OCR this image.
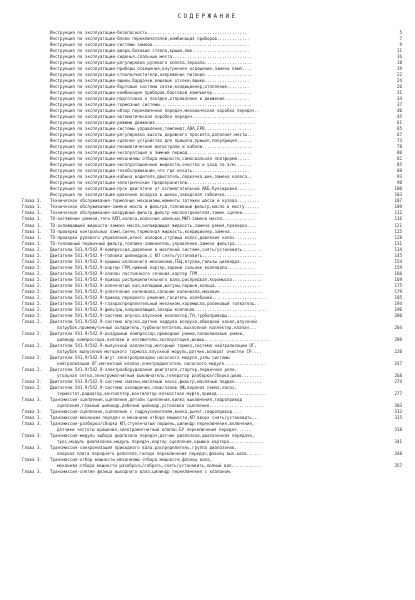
СОДЕРЖАНИЕ
Инструкция по эксплуатации-безопасность........................................	5
Инструкция по эксплуатации-блоки переключателей,комбинация приборов.............	7
Инструкция по эксплуатации-системы замков.......................................	9
Инструкция по эксплуатации-двери,боковые стекла,крыша,люк.......................	11
Инструкция по эксплуатации-сиденья,спальные места................................	16
Инструкция по эксплуатации-регулировка рулевого колеса,зеркала...................	18
Инструкция по эксплуатации-приборы освещения,внутреннее освещение,замена ламп....	19
Инструкция по эксплуатации-стеклоочистители,напряжение питания...................	22
Инструкция по эксплуатации-ящики,бардачки,вещевые отсеки,ящики..................	24
Инструкция по эксплуатации-бортовые системы связи,кондиционер,отопление.........	26
Инструкция по эксплуатации-комбинация приборов,бортовой компьютер................	31
Инструкция по эксплуатации-подготовка к поездке,отправление и движение..........	34
Инструкция по эксплуатации-тормозные системы.....................................	37
Инструкция по эксплуатации-обзор переключения передач,механическая коробка передач..	40
Инструкция по эксплуатации-автоматическая коробка передач.........................	45
Инструкция по эксплуатации-режимы движения........................................	61
Инструкция по эксплуатации-системы управления,темпомат,ABA,EPB...................	65
Инструкция по эксплуатации-регулировка высоты дорожного просвета,дополнит.мосты...	67
Инструкция по эксплуатации-сцепное устройство для прицепа,прицеп,полуприцеп......	73
Инструкция по эксплуатации-пневматические магистрали и кабели....................	78
Инструкция по эксплуатации-эксплуатация в зимний период..........................	80
Инструкция по эксплуатации-механизмы отбора мощности,самосвальная платформа.....	82
Инструкция по эксплуатации-эксплуатационные жидкости,очистка и уход за а/м.......	85
Инструкция по эксплуатации-техобслуживание,что где искать.......................	88
Инструкция по эксплуатации-кабина водителя,двигатель,подкачка шин,замена колеса..	93
Инструкция по эксплуатации-электрические предохранители.........................	98
Инструкция по эксплуатации-пуск двигателя от вспомогательной АКБ,буксировка.......	100
Инструкция по эксплуатации-давление воздуха в шинах,заводская табличка...........	103
Глава 1.	Техническое обслуживание-тормозные механизмы,моменты затяжки шасси и кузова.........	107
Глава 1.	Техническое обслуживание-замена масла и фильтра,топливный фильтр,масло в мосту......	109
Глава 1.	Техническое обслуживание-воздушный фильтр,фильтр маслоотделителя,замок сцепки.......	112
Глава 1.	ТО-натяжение ремней,тяги КПП,колеса,колесные шпильки,МКП-замена масла.............	116
Глава 1.	ТО-охлаждающей жидкости-замена масла,охлаждающая жидкость,замена ремня,проверка....	121
Глава 1.	ТО-проверка контрольных ламп,свечи,тормозная жидкость,кондиционер,замена...........	125
Глава 1.	ТО-проверка рулевого управления,износ колодок,ступицы колес,давление колес.........	128
Глава 1.	ТО-топливный первичный фильтр,топливо-заменитель,управление,замена фильтра.........	131
Глава 2.	Двигатели 541.9/542.9-компрессия,давление в масляной системе,снять/установить........	134
Глава 2.	Двигатели 541.9/542.9-головка цилиндров,с КП снять/установить........................	145
Глава 2.	Двигатели 541.9/542.9-крышки клапанного механизма,ГБЦ,втулки,гильзы цилиндра.......	154
Глава 2.	Двигатели 541.9/542.9-картер ГРМ,нижний картер,задний сальник коленвала...........	159
Глава 2.	Двигатели 541.9/542.9-клапан постоянного сечения,картер ГРМ...........................	166
Глава 2.	Двигатели 541.9/542.9-привод распределительного вала,распредвал,коромысла............	169
Глава 2.	Двигатели 541.9/542.9-коленчатый вал,вкладыши,шатуны,поршни,кольца..................	175
Глава 2.	Двигатели 541.9/542.9-уплотнение коленвала,сальник коленвала,маховик.................	179
Глава 2.	Двигатели 541.9/542.9-привод переднего решения,гаситель колебаний......................	185
Глава 2.	Двигатели 541.9/542.9-газораспределительный механизм,коромысла,роликовый толкатель..	194
Глава 2.	Двигатели 541.9/542.9-фильтры,направляющие,зазоры клапанов.............................	196
Глава 2.	Двигатели 541.9/542.9-система впуска,впускной коллектор,ТН,турбоприводы............	200
Глава 2.	Двигатели 541.9/542.9-система впуска,датчик наддува воздуха,обводной канал,впускной
патрубок,промежуточный охладитель,турбонагнетатель,выхлопной коллектор,клапан...	204
Глава 2.	Двигатели 541.9/542.9-воздушный компрессор,приводные ремни,поликлиновые ремни,
цилиндр компрессора,колпаки и натяжители,эксплуатация,шкивы..........................	209
Глава 2.	Двигатели 541.9/542.9-выпускной коллектор,моторный тормоз,система нейтрализации ОГ,
патрубок выпускной моторного тормоза,впускной модуль,датчик,возврат очистки СР....	220
Глава 2.	Двигатели 541.9/542.9-жгут электропроводки насосного модуля,узлы системы
нейтрализации ОГ,магнитный клапан,электродвигатель насосного модуля.................	247
Глава 2.	Двигатели 541.9/542.9-электрооборудование двигателя,стартер,первичное реле,
угольная сетка,электромагнитный выключатель,генератор разборка/сборка,шкив........	268
Глава 2.	Двигатели 541.9/542.9-система смазки,масляный насос,фильтр,масляный поддон...........	274
Глава 2.	Двигатели 541.9/542.9-система охлаждения,слив/залив ОЖ,водяная помпа,насос,
термостат,радиатор,вентилятор,вентилятор-вязкостная муфта,привод....................	277
Глава 3.	Трансмиссия-сцепление,сцепление,детали сцепления,вилка выключения,гидропривод
сцепления,главный цилиндр,рабочий цилиндр,установка сцепления......................	303
Глава 3.	Трансмиссия-сцепление,сцепление с гидроусилителем,вилка,рычаг,гидропривод....	313
Глава 3.	Трансмиссия-механизм передач и механизм отбора мощности,КП вверх снять/установить...	315
Глава 3.	Трансмиссия-разборка/сборка КП,ступенчатый поршень,цилиндр переключения,включения,
датчики частоты вращения,электромагнитный клапан,БУ переключения передач......	318
Глава 3.	Трансмиссия-модуль выбора диапазона передач,датчик диапазона,диапазонная передача,
трос,модуль диапазонов,модуль передач,картер сцепления,крышка картера..............	341
Глава 3.	Трансмиссия-синхронизация приводного вала,распределитель,группа диапазонов,
опорная плита переднего делителя,гнездо переключения передач,фланец вых.вала......	348
Глава 3.	Трансмиссия-отбор мощности,механизмы отбора мощности,фланец вала,
механизм отбора мощности разобрать/собрать,снять/установить,полный вал............	357
Глава 3.	Трансмиссия-снятие фланца выходного вала,цилиндр переключения с клапаном,
